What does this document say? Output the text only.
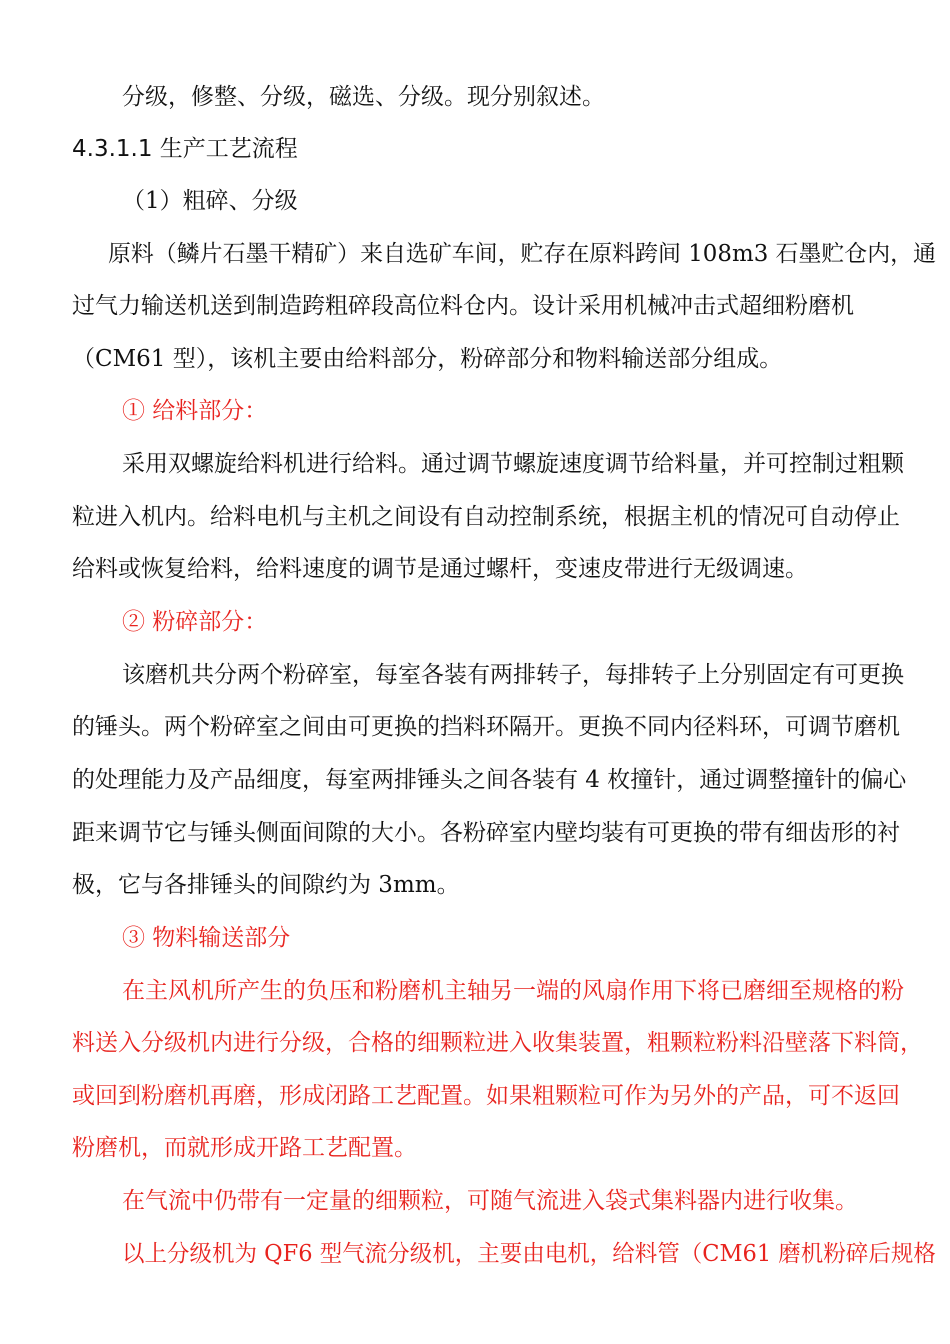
分级，修整、分级，磁选、分级。现分别叙述。
4.3.1.1 生产工艺流程
（1）粗碎、分级
原料（鳞片石墨干精矿）来自选矿车间，贮存在原料跨间 108m3 石墨贮仓内，通
过气力输送机送到制造跨粗碎段高位料仓内。设计采用机械冲击式超细粉磨机
（CM61 型），该机主要由给料部分，粉碎部分和物料输送部分组成。
① 给料部分：
采用双螺旋给料机进行给料。通过调节螺旋速度调节给料量，并可控制过粗颗
粒进入机内。给料电机与主机之间设有自动控制系统，根据主机的情况可自动停止
给料或恢复给料，给料速度的调节是通过螺杆，变速皮带进行无级调速。
② 粉碎部分：
该磨机共分两个粉碎室，每室各装有两排转子，每排转子上分别固定有可更换
的锤头。两个粉碎室之间由可更换的挡料环隔开。更换不同内径料环，可调节磨机
的处理能力及产品细度，每室两排锤头之间各装有 4 枚撞针，通过调整撞针的偏心
距来调节它与锤头侧面间隙的大小。各粉碎室内壁均装有可更换的带有细齿形的衬
极，它与各排锤头的间隙约为 3mm。
③ 物料输送部分
在主风机所产生的负压和粉磨机主轴另一端的风扇作用下将已磨细至规格的粉
料送入分级机内进行分级，合格的细颗粒进入收集装置，粗颗粒粉料沿壁落下料筒，
或回到粉磨机再磨，形成闭路工艺配置。如果粗颗粒可作为另外的产品，可不返回
粉磨机，而就形成开路工艺配置。
在气流中仍带有一定量的细颗粒，可随气流进入袋式集料器内进行收集。
以上分级机为 QF6 型气流分级机，主要由电机，给料管（CM61 磨机粉碎后规格
